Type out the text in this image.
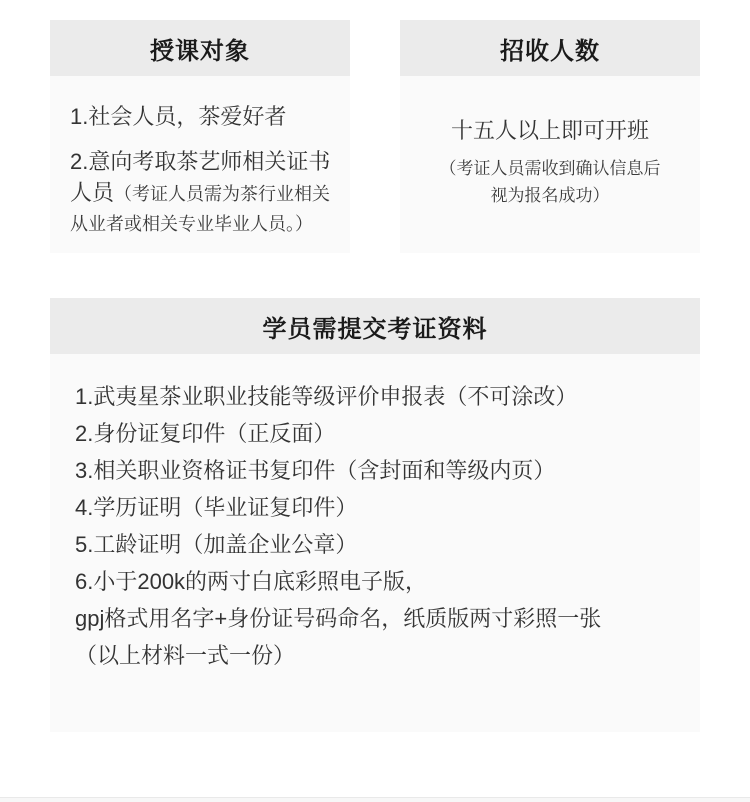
授课对象

1.社会人员，茶爱好者

2.意向考取茶艺师相关证书人员（考证人员需为茶行业相关从业者或相关专业毕业人员。）

招收人数

十五人以上即可开班

（考证人员需收到确认信息后
视为报名成功）

学员需提交考证资料
1.武夷星茶业职业技能等级评价申报表（不可涂改）
2.身份证复印件（正反面）
3.相关职业资格证书复印件（含封面和等级内页）
4.学历证明（毕业证复印件）
5.工龄证明（加盖企业公章）
6.小于200k的两寸白底彩照电子版，
gpj格式用名字+身份证号码命名，纸质版两寸彩照一张
（以上材料一式一份）
